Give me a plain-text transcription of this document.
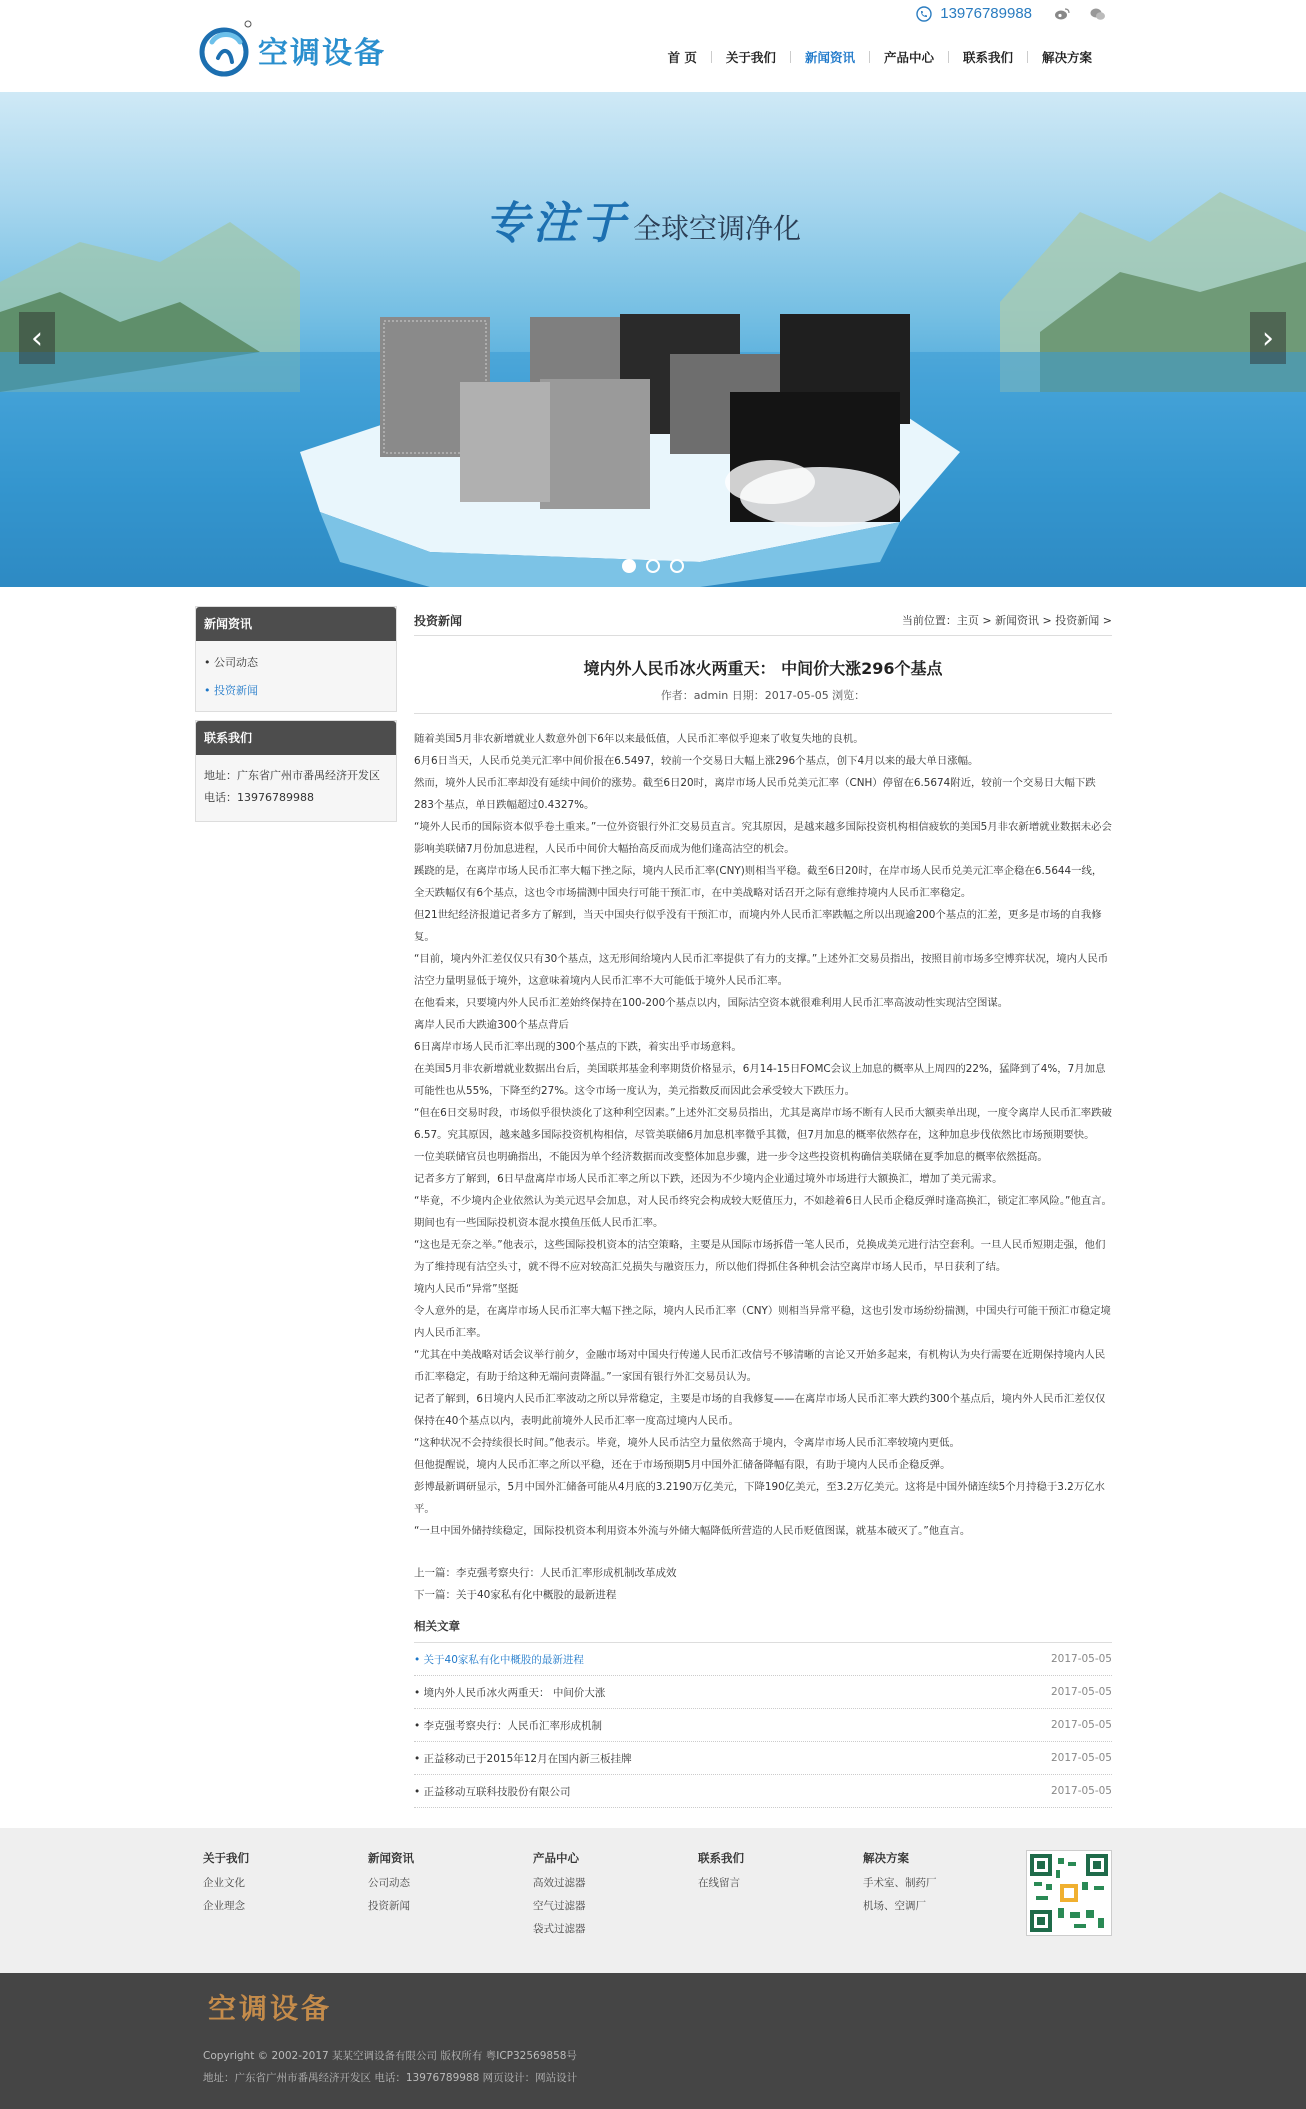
空调设备
13976789988
首 页	关于我们	新闻资讯	产品中心	联系我们	解决方案
专注于 全球空调净化
‹	›
新闻资讯
• 公司动态
• 投资新闻
联系我们
地址：广东省广州市番禺经济开发区
电话：13976789988
投资新闻	当前位置：主页 > 新闻资讯 > 投资新闻 >
境内外人民币冰火两重天： 中间价大涨296个基点
作者：admin 日期：2017-05-05 浏览：

随着美国5月非农新增就业人数意外创下6年以来最低值，人民币汇率似乎迎来了收复失地的良机。

6月6日当天，人民币兑美元汇率中间价报在6.5497，较前一个交易日大幅上涨296个基点，创下4月以来的最大单日涨幅。

然而，境外人民币汇率却没有延续中间价的涨势。截至6日20时，离岸市场人民币兑美元汇率（CNH）停留在6.5674附近，较前一个交易日大幅下跌283个基点，单日跌幅超过0.4327%。

“境外人民币的国际资本似乎卷土重来。”一位外资银行外汇交易员直言。究其原因，是越来越多国际投资机构相信疲软的美国5月非农新增就业数据未必会影响美联储7月份加息进程，人民币中间价大幅抬高反而成为他们逢高沽空的机会。

蹊跷的是，在离岸市场人民币汇率大幅下挫之际，境内人民币汇率(CNY)则相当平稳。截至6日20时，在岸市场人民币兑美元汇率企稳在6.5644一线，全天跌幅仅有6个基点，这也令市场揣测中国央行可能干预汇市，在中美战略对话召开之际有意维持境内人民币汇率稳定。

但21世纪经济报道记者多方了解到，当天中国央行似乎没有干预汇市，而境内外人民币汇率跌幅之所以出现逾200个基点的汇差，更多是市场的自我修复。

“目前，境内外汇差仅仅只有30个基点，这无形间给境内人民币汇率提供了有力的支撑。”上述外汇交易员指出，按照目前市场多空博弈状况，境内人民币沽空力量明显低于境外，这意味着境内人民币汇率不大可能低于境外人民币汇率。

在他看来，只要境内外人民币汇差始终保持在100-200个基点以内，国际沽空资本就很难利用人民币汇率高波动性实现沽空图谋。

离岸人民币大跌逾300个基点背后

6日离岸市场人民币汇率出现的300个基点的下跌，着实出乎市场意料。

在美国5月非农新增就业数据出台后，美国联邦基金利率期货价格显示，6月14-15日FOMC会议上加息的概率从上周四的22%，猛降到了4%，7月加息可能性也从55%，下降至约27%。这令市场一度认为，美元指数反而因此会承受较大下跌压力。

“但在6日交易时段，市场似乎很快淡化了这种利空因素。”上述外汇交易员指出，尤其是离岸市场不断有人民币大额卖单出现，一度令离岸人民币汇率跌破6.57。究其原因，越来越多国际投资机构相信，尽管美联储6月加息机率微乎其微，但7月加息的概率依然存在，这种加息步伐依然比市场预期要快。

一位美联储官员也明确指出，不能因为单个经济数据而改变整体加息步骤，进一步令这些投资机构确信美联储在夏季加息的概率依然挺高。

记者多方了解到，6日早盘离岸市场人民币汇率之所以下跌，还因为不少境内企业通过境外市场进行大额换汇，增加了美元需求。

“毕竟，不少境内企业依然认为美元迟早会加息，对人民币终究会构成较大贬值压力，不如趁着6日人民币企稳反弹时逢高换汇，锁定汇率风险。”他直言。期间也有一些国际投机资本混水摸鱼压低人民币汇率。

“这也是无奈之举。”他表示，这些国际投机资本的沽空策略，主要是从国际市场拆借一笔人民币，兑换成美元进行沽空套利。一旦人民币短期走强，他们为了维持现有沽空头寸，就不得不应对较高汇兑损失与融资压力，所以他们得抓住各种机会沽空离岸市场人民币，早日获利了结。

境内人民币“异常”坚挺

令人意外的是，在离岸市场人民币汇率大幅下挫之际，境内人民币汇率（CNY）则相当异常平稳，这也引发市场纷纷揣测，中国央行可能干预汇市稳定境内人民币汇率。

“尤其在中美战略对话会议举行前夕，金融市场对中国央行传递人民币汇改信号不够清晰的言论又开始多起来，有机构认为央行需要在近期保持境内人民币汇率稳定，有助于给这种无端问责降温。”一家国有银行外汇交易员认为。

记者了解到，6日境内人民币汇率波动之所以异常稳定，主要是市场的自我修复——在离岸市场人民币汇率大跌约300个基点后，境内外人民币汇差仅仅保持在40个基点以内，表明此前境外人民币汇率一度高过境内人民币。

“这种状况不会持续很长时间。”他表示。毕竟，境外人民币沽空力量依然高于境内，令离岸市场人民币汇率较境内更低。

但他提醒说，境内人民币汇率之所以平稳，还在于市场预期5月中国外汇储备降幅有限，有助于境内人民币企稳反弹。

彭博最新调研显示，5月中国外汇储备可能从4月底的3.2190万亿美元，下降190亿美元，至3.2万亿美元。这将是中国外储连续5个月持稳于3.2万亿水平。

“一旦中国外储持续稳定，国际投机资本利用资本外流与外储大幅降低所营造的人民币贬值图谋，就基本破灭了。”他直言。

上一篇：李克强考察央行：人民币汇率形成机制改革成效
下一篇：关于40家私有化中概股的最新进程
相关文章
• 关于40家私有化中概股的最新进程	2017-05-05
• 境内外人民币冰火两重天： 中间价大涨	2017-05-05
• 李克强考察央行：人民币汇率形成机制	2017-05-05
• 正益移动已于2015年12月在国内新三板挂牌	2017-05-05
• 正益移动互联科技股份有限公司	2017-05-05
关于我们
企业文化
企业理念
新闻资讯
公司动态
投资新闻
产品中心
高效过滤器
空气过滤器
袋式过滤器
联系我们
在线留言
解决方案
手术室、制药厂
机场、空调厂
空调设备
Copyright © 2002-2017 某某空调设备有限公司 版权所有 粤ICP32569858号
地址：广东省广州市番禺经济开发区 电话：13976789988 网页设计：网站设计
